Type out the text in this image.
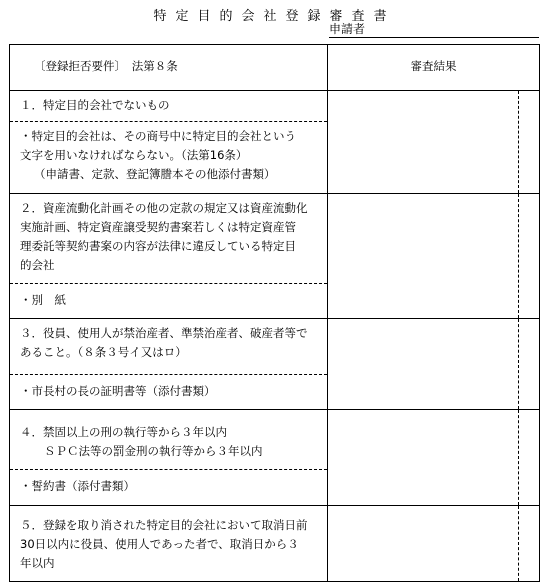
特定目的会社登録審査書
申請者
〔登録拒否要件〕　法第８条	審査結果
１．特定目的会社でないもの
・特定目的会社は、その商号中に特定目的会社という
文字を用いなければならない。（法第16条）
（申請書、定款、登記簿謄本その他添付書類）
２．資産流動化計画その他の定款の規定又は資産流動化
実施計画、特定資産譲受契約書案若しくは特定資産管
理委託等契約書案の内容が法律に違反している特定目
的会社
・別　紙
３．役員、使用人が禁治産者、準禁治産者、破産者等で
あること。（８条３号イ又はロ）
・市長村の長の証明書等（添付書類）
４．禁固以上の刑の執行等から３年以内
ＳＰＣ法等の罰金刑の執行等から３年以内
・誓約書（添付書類）
５．登録を取り消された特定目的会社において取消日前
30日以内に役員、使用人であった者で、取消日から３
年以内
